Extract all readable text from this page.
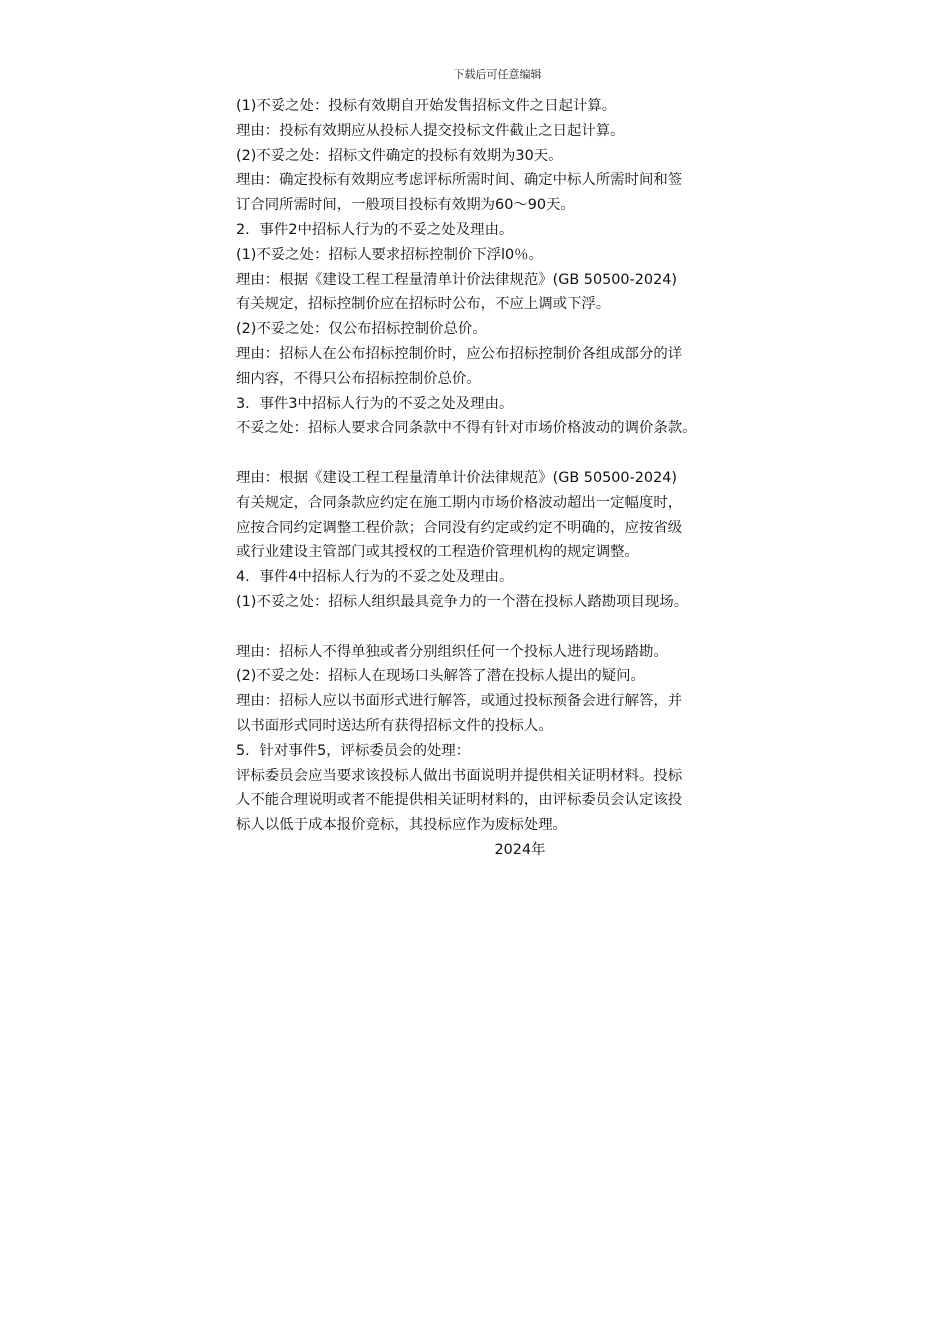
下载后可任意编辑
(1)不妥之处：投标有效期自开始发售招标文件之日起计算。
理由：投标有效期应从投标人提交投标文件截止之日起计算。
(2)不妥之处：招标文件确定的投标有效期为30天。
理由：确定投标有效期应考虑评标所需时间、确定中标人所需时间和签
订合同所需时间，一般项目投标有效期为60～90天。
2．事件2中招标人行为的不妥之处及理由。
(1)不妥之处：招标人要求招标控制价下浮l0％。
理由：根据《建设工程工程量清单计价法律规范》(GB 50500-2024)
有关规定，招标控制价应在招标时公布，不应上调或下浮。
(2)不妥之处：仅公布招标控制价总价。
理由：招标人在公布招标控制价时，应公布招标控制价各组成部分的详
细内容，不得只公布招标控制价总价。
3．事件3中招标人行为的不妥之处及理由。
不妥之处：招标人要求合同条款中不得有针对市场价格波动的调价条款。
理由：根据《建设工程工程量清单计价法律规范》(GB 50500-2024)
有关规定，合同条款应约定在施工期内市场价格波动超出一定幅度时，
应按合同约定调整工程价款；合同没有约定或约定不明确的，应按省级
或行业建设主管部门或其授权的工程造价管理机构的规定调整。
4．事件4中招标人行为的不妥之处及理由。
(1)不妥之处：招标人组织最具竞争力的一个潜在投标人踏勘项目现场。
理由：招标人不得单独或者分别组织任何一个投标人进行现场踏勘。
(2)不妥之处：招标人在现场口头解答了潜在投标人提出的疑问。
理由：招标人应以书面形式进行解答，或通过投标预备会进行解答，并
以书面形式同时送达所有获得招标文件的投标人。
5．针对事件5，评标委员会的处理：
评标委员会应当要求该投标人做出书面说明并提供相关证明材料。投标
人不能合理说明或者不能提供相关证明材料的，由评标委员会认定该投
标人以低于成本报价竞标，其投标应作为废标处理。
2024年
